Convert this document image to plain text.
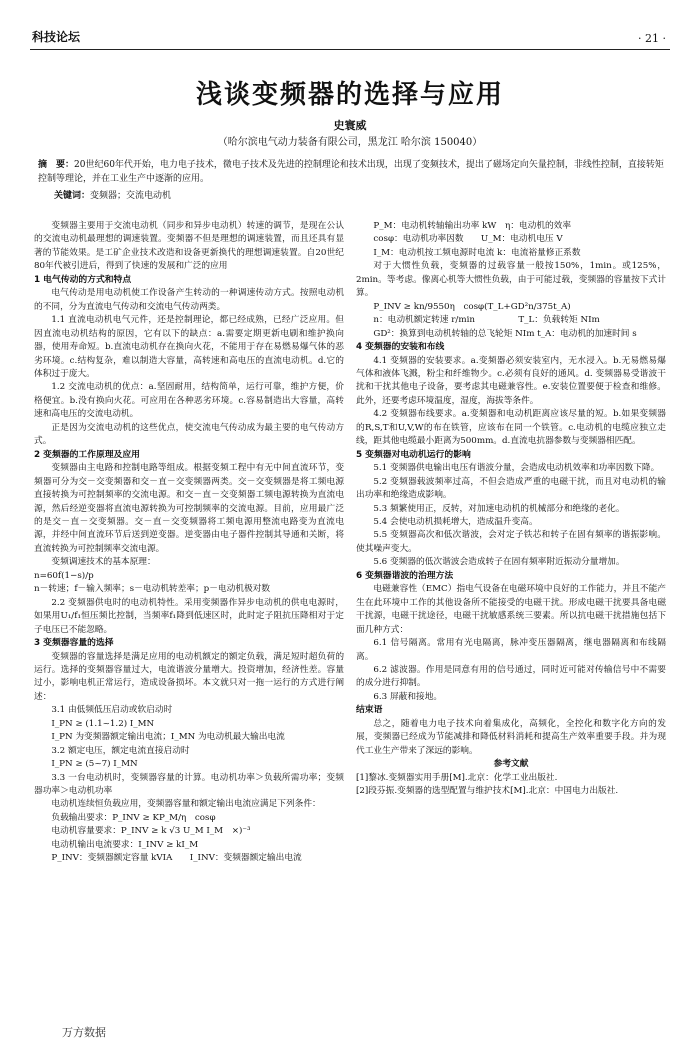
科技论坛	· 21 ·
浅谈变频器的选择与应用
史寰威
（哈尔滨电气动力装备有限公司，黑龙江 哈尔滨 150040）
摘　要：20世纪60年代开始，电力电子技术，微电子技术及先进的控制理论和技术出现，出现了变频技术，提出了磁场定向矢量控制，非线性控制，直接转矩控制等理论，并在工业生产中逐渐的应用。
关键词：变频器；交流电动机

变频器主要用于交流电动机（同步和异步电动机）转速的调节，是现在公认的交流电动机最理想的调速装置。变频器不但是理想的调速装置，而且还具有显著的节能效果。是工矿企业技术改造和设备更新换代的理想调速装置。自20世纪80年代被引进后，得到了快速的发展和广泛的应用

1 电气传动的方式和特点

电气传动是用电动机使工作设备产生转动的一种调速传动方式。按照电动机的不同，分为直流电气传动和交流电气传动两类。

1.1 直流电动机电气元件，还是控制理论，都已经成熟，已经广泛应用。但因直流电动机结构的原因，它有以下的缺点：a.需要定期更新电刷和维护换向器，使用寿命短。b.直流电动机存在换向火花，不能用于存在易燃易爆气体的恶劣环境。c.结构复杂，难以制造大容量，高转速和高电压的直流电动机。d.它的体积过于庞大。

1.2 交流电动机的优点：a.坚固耐用，结构简单，运行可靠，维护方便，价格便宜。b.没有换向火花。可应用在各种恶劣环境。c.容易制造出大容量，高转速和高电压的交流电动机。

正是因为交流电动机的这些优点，使交流电气传动成为最主要的电气传动方式。

2 变频器的工作原理及应用

变频器由主电路和控制电路等组成。根据变频工程中有无中间直流环节，变频器可分为交－交变频器和交－直－交变频器两类。交－交变频器是将工频电源直接转换为可控制频率的交流电源。和交－直－交变频器工频电源转换为直流电源，然后经逆变器将直流电源转换为可控制频率的交流电源。目前，应用最广泛的是交－直－交变频器。交－直－交变频器将工频电源用整流电路变为直流电源，并经中间直流环节后送到逆变器。逆变器由电子器件控制其导通和关断，将直流转换为可控制频率交流电源。

变频调速技术的基本原理：

n=60f(1−s)/p

n－转速；f－输入频率；s－电动机转差率；p－电动机极对数

2.2 变频器供电时的电动机特性。采用变频器作异步电动机的供电电源时，如果用U₁/f₁恒压频比控制，当频率f₁降到低速区时，此时定子阻抗压降相对于定子电压已不能忽略。

3 变频器容量的选择

变频器的容量选择是满足应用的电动机额定的额定负载，满足短时超负荷的运行。选择的变频器容量过大，电流谐波分量增大。投资增加，经济性差。容量过小，影响电机正常运行，造成设备损坏。本文就只对一拖一运行的方式进行阐述：

3.1 由低频低压启动或软启动时

I_PN ≥ (1.1~1.2) I_MN

I_PN 为变频器额定输出电流；I_MN 为电动机最大输出电流

3.2 额定电压，额定电流直接启动时

I_PN ≥ (5~7) I_MN

3.3 一台电动机时，变频器容量的计算。电动机功率＞负载所需功率；变频器功率＞电动机功率

电动机连续恒负载应用，变频器容量和额定输出电流应满足下列条件：

负载输出要求：P_INV ≥ KP_M/η　cosφ

电动机容量要求：P_INV ≥ k √3 U_M I_M　×)⁻³

电动机输出电流要求：I_INV ≥ kI_M

P_INV：变频器额定容量 kVIA　　I_INV：变频器额定输出电流

P_M：电动机转轴输出功率 kW　η：电动机的效率

cosφ：电动机功率因数　　U_M：电动机电压 V

I_M：电动机按工频电源时电流 k：电流裕量修正系数

对于大惯性负载，变频器的过载容量一般按150%，1min。或125%，2min。等考虑。像离心机等大惯性负载，由于可能过载，变频器的容量按下式计算。

P_INV ≥ kn/9550η　cosφ(T_L+GD²n/375t_A)

n：电动机额定转速 r/min　　　　　T_L：负载转矩 NIm

GD²：换算到电动机转轴的总飞轮矩 NIm t_A：电动机的加速时间 s

4 变频器的安装和布线

4.1 变频器的安装要求。a.变频器必须安装室内，无水浸入。b.无易燃易爆气体和液体飞溅，粉尘和纤维物少。c.必须有良好的通风。d. 变频器易受谐波干扰和干扰其他电子设备，要考虑其电磁兼容性。e.安装位置要便于检查和维修。此外，还要考虑环境温度，湿度，海拔等条件。

4.2 变频器布线要求。a.变频器和电动机距离应该尽量的短。b.如果变频器的R,S,T和U,V,W的布在铁管，应该布在同一个铁管。c.电动机的电缆应独立走线，距其他电缆最小距离为500mm。d.直流电抗器参数与变频器相匹配。

5 变频器对电动机运行的影响

5.1 变频器供电输出电压有谐波分量，会造成电动机效率和功率因数下降。

5.2 变频器载波频率过高，不但会造成严重的电磁干扰，而且对电动机的输出功率和绝缘造成影响。

5.3 频繁使用正，反转，对加速电动机的机械部分和绝缘的老化。

5.4 会使电动机损耗增大，造成温升变高。

5.5 变频器高次和低次谐波，会对定子铁芯和转子在固有频率的谐振影响。使其噪声变大。

5.6 变频器的低次谐波会造成转子在固有频率附近振动分量增加。

6 变频器谐波的治理方法

电磁兼容性（EMC）指电气设备在电磁环境中良好的工作能力，并且不能产生在此环境中工作的其他设备所不能接受的电磁干扰。形成电磁干扰要具备电磁干扰源，电磁干扰途径，电磁干扰敏感系统三要素。所以抗电磁干扰措施包括下面几种方式：

6.1 信号隔离。常用有光电隔离，脉冲变压器隔离，继电器隔离和布线隔离。

6.2 滤波器。作用是同意有用的信号通过，同时近可能对传输信号中不需要的成分进行抑制。

6.3 屏蔽和接地。

结束语

总之，随着电力电子技术向着集成化，高频化，全控化和数字化方向的发展，变频器已经成为节能减排和降低材料消耗和提高生产效率重要手段。并为现代工业生产带来了深远的影响。

参考文献

[1]黎冰.变频器实用手册[M].北京：化学工业出版社.

[2]段芬振.变频器的选型配置与维护技术[M].北京：中国电力出版社.

万方数据
